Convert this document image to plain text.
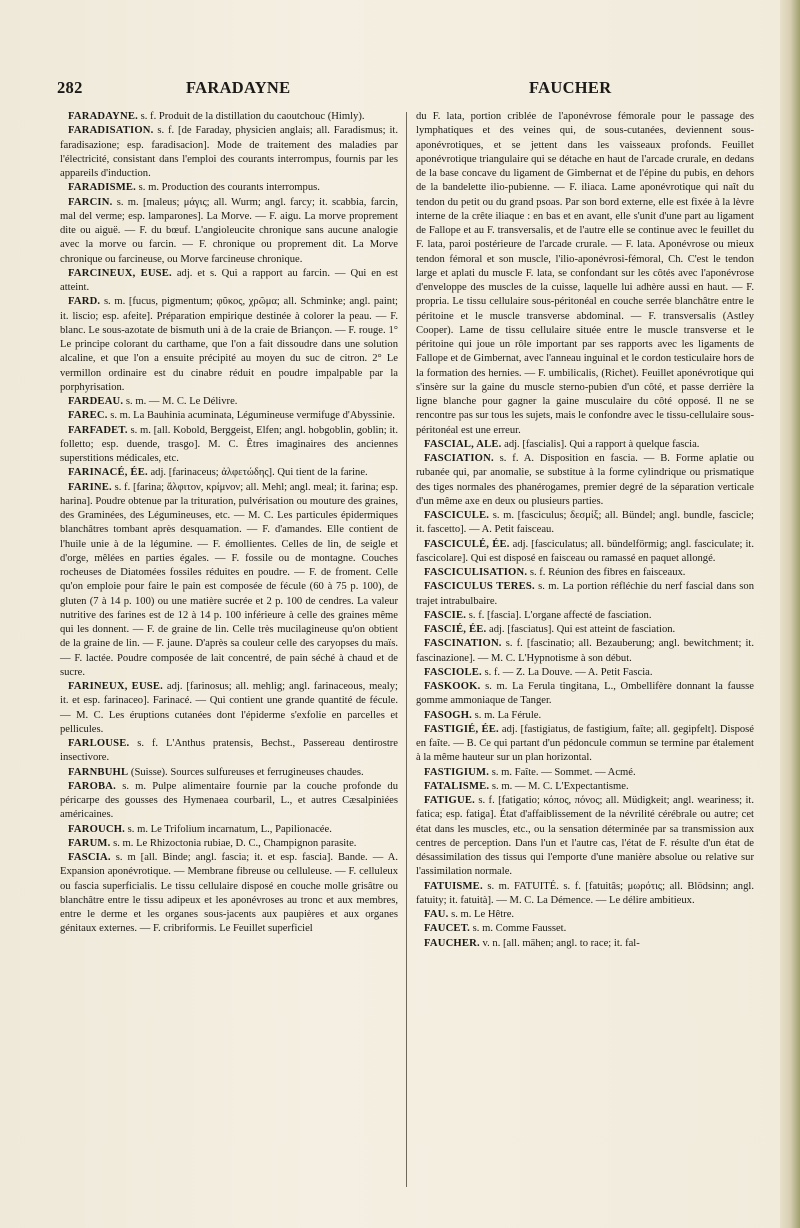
282	FARADAYNE	FAUCHER

FARADAYNE. s. f. Produit de la distillation du caoutchouc (Himly).

FARADISATION. s. f. [de Faraday, physicien anglais; all. Faradismus; it. faradisazione; esp. faradisacion]. Mode de traitement des maladies par l'électricité, consistant dans l'emploi des courants interrompus, fournis par les appareils d'induction.

FARADISME. s. m. Production des courants interrompus.

FARCIN. s. m. [maleus; μάγις; all. Wurm; angl. farcy; it. scabbia, farcin, mal del verme; esp. lamparones]. La Morve. — F. aigu. La morve proprement dite ou aiguë. — F. du bœuf. L'angioleucite chronique sans aucune analogie avec la morve ou farcin. — F. chronique ou proprement dit. La Morve chronique ou farcineuse, ou Morve farcineuse chronique.

FARCINEUX, EUSE. adj. et s. Qui a rapport au farcin. — Qui en est atteint.

FARD. s. m. [fucus, pigmentum; φῦκος, χρῶμα; all. Schminke; angl. paint; it. liscio; esp. afeite]. Préparation empirique destinée à colorer la peau. — F. blanc. Le sous-azotate de bismuth uni à de la craie de Briançon. — F. rouge. 1° Le principe colorant du carthame, que l'on a fait dissoudre dans une solution alcaline, et que l'on a ensuite précipité au moyen du suc de citron. 2° Le vermillon ordinaire est du cinabre réduit en poudre impalpable par la porphyrisation.

FARDEAU. s. m. — M. C. Le Délivre.

FAREC. s. m. La Bauhinia acuminata, Légumineuse vermifuge d'Abyssinie.

FARFADET. s. m. [all. Kobold, Berggeist, Elfen; angl. hobgoblin, goblin; it. folletto; esp. duende, trasgo]. M. C. Êtres imaginaires des anciennes superstitions médicales, etc.

FARINACÉ, ÉE. adj. [farinaceus; ἀλφετώδης]. Qui tient de la farine.

FARINE. s. f. [farina; ἄλφιτον, κρίμνον; all. Mehl; angl. meal; it. farina; esp. harina]. Poudre obtenue par la trituration, pulvérisation ou mouture des graines, des Graminées, des Légumineuses, etc. — M. C. Les particules épidermiques blanchâtres tombant après desquamation. — F. d'amandes. Elle contient de l'huile unie à de la légumine. — F. émollientes. Celles de lin, de seigle et d'orge, mêlées en parties égales. — F. fossile ou de montagne. Couches rocheuses de Diatomées fossiles réduites en poudre. — F. de froment. Celle qu'on emploie pour faire le pain est composée de fécule (60 à 75 p. 100), de gluten (7 à 14 p. 100) ou une matière sucrée et 2 p. 100 de cendres. La valeur nutritive des farines est de 12 à 14 p. 100 inférieure à celle des graines même qui les donnent. — F. de graine de lin. Celle très mucilagineuse qu'on obtient de la graine de lin. — F. jaune. D'après sa couleur celle des caryopses du maïs. — F. lactée. Poudre composée de lait concentré, de pain séché à chaud et de sucre.

FARINEUX, EUSE. adj. [farinosus; all. mehlig; angl. farinaceous, mealy; it. et esp. farinaceo]. Farinacé. — Qui contient une grande quantité de fécule. — M. C. Les éruptions cutanées dont l'épiderme s'exfolie en parcelles et pellicules.

FARLOUSE. s. f. L'Anthus pratensis, Bechst., Passereau dentirostre insectivore.

FARNBUHL (Suisse). Sources sulfureuses et ferrugineuses chaudes.

FAROBA. s. m. Pulpe alimentaire fournie par la couche profonde du péricarpe des gousses des Hymenaea courbaril, L., et autres Cæsalpiniées américaines.

FAROUCH. s. m. Le Trifolium incarnatum, L., Papilionacée.

FARUM. s. m. Le Rhizoctonia rubiae, D. C., Champignon parasite.

FASCIA. s. m [all. Binde; angl. fascia; it. et esp. fascia]. Bande. — A. Expansion aponévrotique. — Membrane fibreuse ou celluleuse. — F. celluleux ou fascia superficialis. Le tissu cellulaire disposé en couche molle grisâtre ou blanchâtre entre le tissu adipeux et les aponévroses au tronc et aux membres, entre le derme et les organes sous-jacents aux paupières et aux organes génitaux externes. — F. cribriformis. Le Feuillet superficiel

du F. lata, portion criblée de l'aponévrose fémorale pour le passage des lymphatiques et des veines qui, de sous-cutanées, deviennent sous-aponévrotiques, et se jettent dans les vaisseaux profonds. Feuillet aponévrotique triangulaire qui se détache en haut de l'arcade crurale, en dedans de la base concave du ligament de Gimbernat et de l'épine du pubis, en dehors de la bandelette ilio-pubienne. — F. iliaca. Lame aponévrotique qui naît du tendon du petit ou du grand psoas. Par son bord externe, elle est fixée à la lèvre interne de la crête iliaque : en bas et en avant, elle s'unit d'une part au ligament de Fallope et au F. transversalis, et de l'autre elle se continue avec le feuillet du F. lata, paroi postérieure de l'arcade crurale. — F. lata. Aponévrose ou mieux tendon fémoral et son muscle, l'ilio-aponévrosi-fémoral, Ch. C'est le tendon large et aplati du muscle F. lata, se confondant sur les côtés avec l'aponévrose d'enveloppe des muscles de la cuisse, laquelle lui adhère aussi en haut. — F. propria. Le tissu cellulaire sous-péritonéal en couche serrée blanchâtre entre le péritoine et le muscle transverse abdominal. — F. transversalis (Astley Cooper). Lame de tissu cellulaire située entre le muscle transverse et le péritoine qui joue un rôle important par ses rapports avec les ligaments de Fallope et de Gimbernat, avec l'anneau inguinal et le cordon testiculaire hors de la formation des hernies. — F. umbilicalis, (Richet). Feuillet aponévrotique qui s'insère sur la gaine du muscle sterno-pubien d'un côté, et passe derrière la ligne blanche pour gagner la gaine musculaire du côté opposé. Il ne se rencontre pas sur tous les sujets, mais le confondre avec le tissu-cellulaire sous-péritonéal est une erreur.

FASCIAL, ALE. adj. [fascialis]. Qui a rapport à quelque fascia.

FASCIATION. s. f. A. Disposition en fascia. — B. Forme aplatie ou rubanée qui, par anomalie, se substitue à la forme cylindrique ou prismatique des tiges normales des phanérogames, premier degré de la séparation verticale d'un même axe en deux ou plusieurs parties.

FASCICULE. s. m. [fasciculus; δεσμίξ; all. Bündel; angl. bundle, fascicle; it. fascetto]. — A. Petit faisceau.

FASCICULÉ, ÉE. adj. [fasciculatus; all. bündelförmig; angl. fasciculate; it. fascicolare]. Qui est disposé en faisceau ou ramassé en paquet allongé.

FASCICULISATION. s. f. Réunion des fibres en faisceaux.

FASCICULUS TERES. s. m. La portion réfléchie du nerf fascial dans son trajet intrabulbaire.

FASCIE. s. f. [fascia]. L'organe affecté de fasciation.

FASCIÉ, ÉE. adj. [fasciatus]. Qui est atteint de fasciation.

FASCINATION. s. f. [fascinatio; all. Bezauberung; angl. bewitchment; it. fascinazione]. — M. C. L'Hypnotisme à son début.

FASCIOLE. s. f. — Z. La Douve. — A. Petit Fascia.

FASKOOK. s. m. La Ferula tingitana, L., Ombellifère donnant la fausse gomme ammoniaque de Tanger.

FASOGH. s. m. La Férule.

FASTIGIÉ, ÉE. adj. [fastigiatus, de fastigium, faîte; all. gegipfelt]. Disposé en faîte. — B. Ce qui partant d'un pédoncule commun se termine par étalement à la même hauteur sur un plan horizontal.

FASTIGIUM. s. m. Faîte. — Sommet. — Acmé.

FATALISME. s. m. — M. C. L'Expectantisme.

FATIGUE. s. f. [fatigatio; κόπος, πόνος; all. Müdigkeit; angl. weariness; it. fatica; esp. fatiga]. État d'affaiblissement de la névrilité cérébrale ou autre; cet état dans les muscles, etc., ou la sensation déterminée par sa transmission aux centres de perception. Dans l'un et l'autre cas, l'état de F. résulte d'un état de désassimilation des tissus qui l'emporte d'une manière absolue ou relative sur l'assimilation normale.

FATUISME. s. m. FATUITÉ. s. f. [fatuitâs; μωρότις; all. Blödsinn; angl. fatuity; it. fatuità]. — M. C. La Démence. — Le délire ambitieux.

FAU. s. m. Le Hêtre.

FAUCET. s. m. Comme Fausset.

FAUCHER. v. n. [all. mähen; angl. to race; it. fal-
